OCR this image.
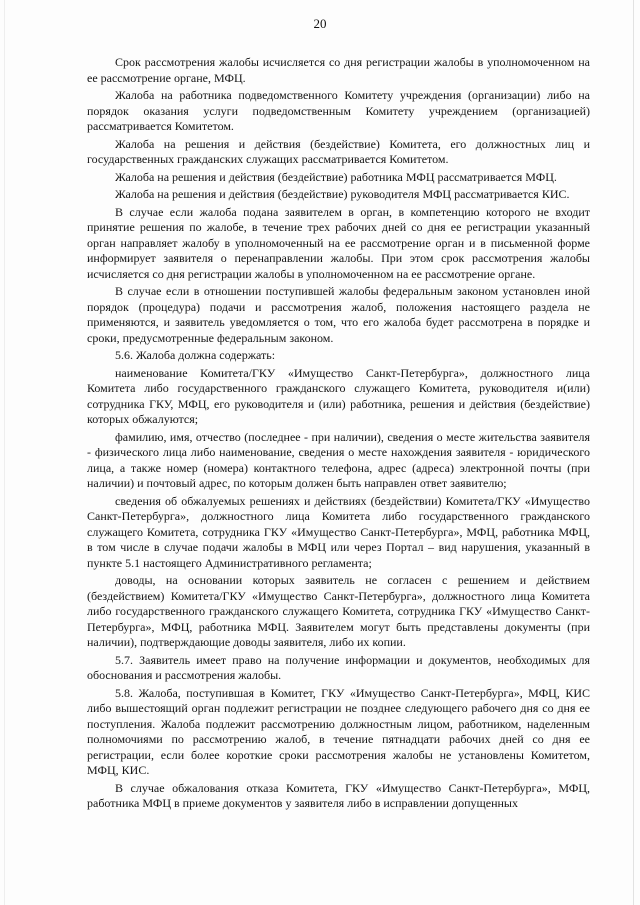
20

Срок рассмотрения жалобы исчисляется со дня регистрации жалобы в уполномоченном на ее рассмотрение органе, МФЦ.

Жалоба на работника подведомственного Комитету учреждения (организации) либо на порядок оказания услуги подведомственным Комитету учреждением (организацией) рассматривается Комитетом.

Жалоба на решения и действия (бездействие) Комитета, его должностных лиц и государственных гражданских служащих рассматривается Комитетом.

Жалоба на решения и действия (бездействие) работника МФЦ рассматривается МФЦ.

Жалоба на решения и действия (бездействие) руководителя МФЦ рассматривается КИС.

В случае если жалоба подана заявителем в орган, в компетенцию которого не входит принятие решения по жалобе, в течение трех рабочих дней со дня ее регистрации указанный орган направляет жалобу в уполномоченный на ее рассмотрение орган и в письменной форме информирует заявителя о перенаправлении жалобы. При этом срок рассмотрения жалобы исчисляется со дня регистрации жалобы в уполномоченном на ее рассмотрение органе.

В случае если в отношении поступившей жалобы федеральным законом установлен иной порядок (процедура) подачи и рассмотрения жалоб, положения настоящего раздела не применяются, и заявитель уведомляется о том, что его жалоба будет рассмотрена в порядке и сроки, предусмотренные федеральным законом.

5.6. Жалоба должна содержать:

наименование Комитета/ГКУ «Имущество Санкт-Петербурга», должностного лица Комитета либо государственного гражданского служащего Комитета, руководителя и(или) сотрудника ГКУ, МФЦ, его руководителя и (или) работника, решения и действия (бездействие) которых обжалуются;

фамилию, имя, отчество (последнее - при наличии), сведения о месте жительства заявителя - физического лица либо наименование, сведения о месте нахождения заявителя - юридического лица, а также номер (номера) контактного телефона, адрес (адреса) электронной почты (при наличии) и почтовый адрес, по которым должен быть направлен ответ заявителю;

сведения об обжалуемых решениях и действиях (бездействии) Комитета/ГКУ «Имущество Санкт-Петербурга», должностного лица Комитета либо государственного гражданского служащего Комитета, сотрудника ГКУ «Имущество Санкт-Петербурга», МФЦ, работника МФЦ, в том числе в случае подачи жалобы в МФЦ или через Портал – вид нарушения, указанный в пункте 5.1 настоящего Административного регламента;

доводы, на основании которых заявитель не согласен с решением и действием (бездействием) Комитета/ГКУ «Имущество Санкт-Петербурга», должностного лица Комитета либо государственного гражданского служащего Комитета, сотрудника ГКУ «Имущество Санкт-Петербурга», МФЦ, работника МФЦ. Заявителем могут быть представлены документы (при наличии), подтверждающие доводы заявителя, либо их копии.

5.7. Заявитель имеет право на получение информации и документов, необходимых для обоснования и рассмотрения жалобы.

5.8. Жалоба, поступившая в Комитет, ГКУ «Имущество Санкт-Петербурга», МФЦ, КИС либо вышестоящий орган подлежит регистрации не позднее следующего рабочего дня со дня ее поступления. Жалоба подлежит рассмотрению должностным лицом, работником, наделенным полномочиями по рассмотрению жалоб, в течение пятнадцати рабочих дней со дня ее регистрации, если более короткие сроки рассмотрения жалобы не установлены Комитетом, МФЦ, КИС.

В случае обжалования отказа Комитета, ГКУ «Имущество Санкт-Петербурга», МФЦ, работника МФЦ в приеме документов у заявителя либо в исправлении допущенных
